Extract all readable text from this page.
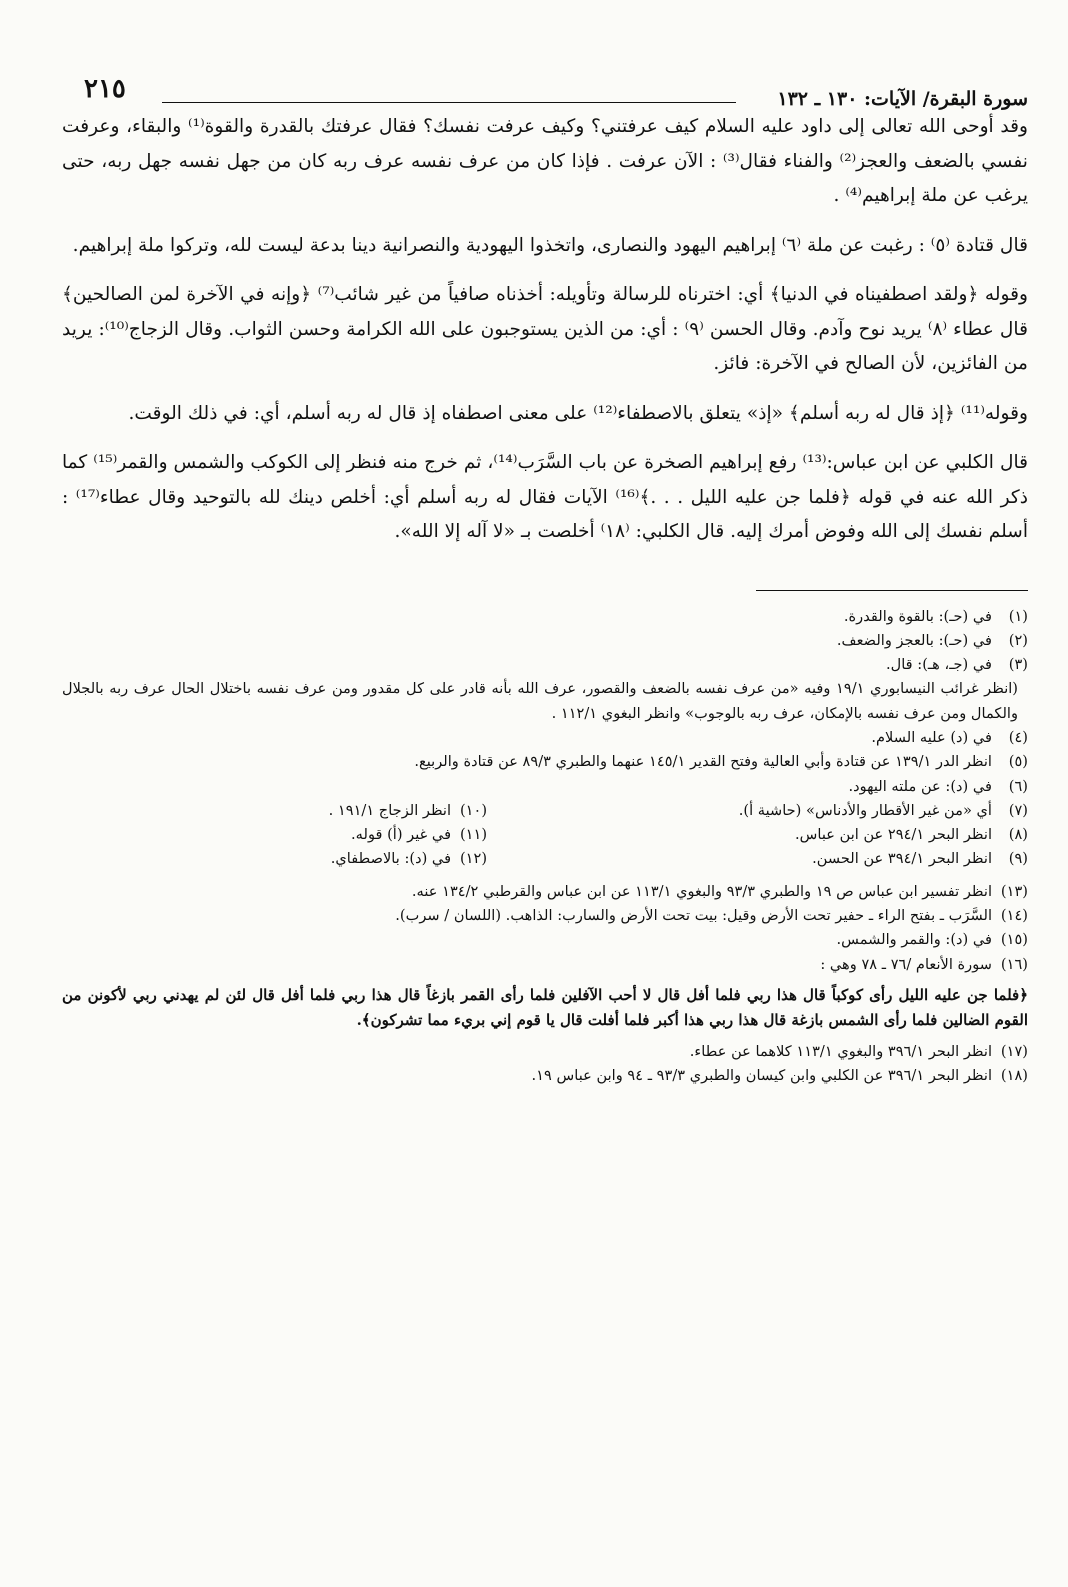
سورة البقرة/ الآيات: ١٣٠ ـ ١٣٢
٢١٥

وقد أوحى الله تعالى إلى داود عليه السلام كيف عرفتني؟ وكيف عرفت نفسك؟ فقال عرفتك بالقدرة والقوة⁽¹⁾ والبقاء، وعرفت نفسي بالضعف والعجز⁽²⁾ والفناء فقال⁽³⁾ : الآن عرفت . فإذا كان من عرف نفسه عرف ربه كان من جهل نفسه جهل ربه، حتى يرغب عن ملة إبراهيم⁽⁴⁾ .

قال قتادة ⁽٥⁾ : رغبت عن ملة ⁽٦⁾ إبراهيم اليهود والنصارى، واتخذوا اليهودية والنصرانية دينا بدعة ليست لله، وتركوا ملة إبراهيم.

وقوله ﴿ولقد اصطفيناه في الدنيا﴾ أي: اخترناه للرسالة وتأويله: أخذناه صافياً من غير شائب⁽⁷⁾ ﴿وإنه في الآخرة لمن الصالحين﴾ قال عطاء ⁽٨⁾ يريد نوح وآدم. وقال الحسن ⁽٩⁾ : أي: من الذين يستوجبون على الله الكرامة وحسن الثواب. وقال الزجاج⁽¹⁰⁾: يريد من الفائزين، لأن الصالح في الآخرة: فائز.

وقوله⁽¹¹⁾ ﴿إذ قال له ربه أسلم﴾ «إذ» يتعلق بالاصطفاء⁽¹²⁾ على معنى اصطفاه إذ قال له ربه أسلم، أي: في ذلك الوقت.

قال الكلبي عن ابن عباس:⁽¹³⁾ رفع إبراهيم الصخرة عن باب السَّرَب⁽¹⁴⁾، ثم خرج منه فنظر إلى الكوكب والشمس والقمر⁽¹⁵⁾ كما ذكر الله عنه في قوله ﴿فلما جن عليه الليل . . .﴾⁽¹⁶⁾ الآيات فقال له ربه أسلم أي: أخلص دينك لله بالتوحيد وقال عطاء⁽¹⁷⁾ : أسلم نفسك إلى الله وفوض أمرك إليه. قال الكلبي: ⁽١٨⁾ أخلصت بـ «لا آله إلا الله».

(١)
في (حـ): بالقوة والقدرة.
(٢)
في (حـ): بالعجز والضعف.
(٣)
في (جـ، هـ): قال.
(انظر غرائب النيسابوري ١٩/١ وفيه «من عرف نفسه بالضعف والقصور، عرف الله بأنه قادر على كل مقدور ومن عرف نفسه باختلال الحال عرف ربه بالجلال والكمال ومن عرف نفسه بالإمكان، عرف ربه بالوجوب» وانظر البغوي ١١٢/١ .
(٤)
في (د) عليه السلام.
(٥)
انظر الدر ١٣٩/١ عن قتادة وأبي العالية وفتح القدير ١٤٥/١ عنهما والطبري ٨٩/٣ عن قتادة والربيع.
(٦)
في (د): عن ملته اليهود.
(٧)
أي «من غير الأقطار والأدناس» (حاشية أ).
(٨)
انظر البحر ٢٩٤/١ عن ابن عباس.
(٩)
انظر البحر ٣٩٤/١ عن الحسن.
(١٠)
انظر الزجاج ١٩١/١ .
(١١)
في غير (أ) قوله.
(١٢)
في (د): بالاصطفاي.
(١٣)
انظر تفسير ابن عباس ص ١٩ والطبري ٩٣/٣ والبغوي ١١٣/١ عن ابن عباس والقرطبي ١٣٤/٢ عنه.
(١٤)
السَّرَب ـ بفتح الراء ـ حفير تحت الأرض وقيل: بيت تحت الأرض والسارب: الذاهب. (اللسان / سرب).
(١٥)
في (د): والقمر والشمس.
(١٦)
سورة الأنعام /٧٦ ـ ٧٨ وهي :
﴿فلما جن عليه الليل رأى كوكباً قال هذا ربي فلما أفل قال لا أحب الآفلين فلما رأى القمر بازغاً قال هذا ربي فلما أفل قال لئن لم يهدني ربي لأكونن من القوم الضالين فلما رأى الشمس بازغة قال هذا ربي هذا أكبر فلما أفلت قال يا قوم إني بريء مما تشركون﴾.
(١٧)
انظر البحر ٣٩٦/١ والبغوي ١١٣/١ كلاهما عن عطاء.
(١٨)
انظر البحر ٣٩٦/١ عن الكلبي وابن كيسان والطبري ٩٣/٣ ـ ٩٤ وابن عباس ١٩.
